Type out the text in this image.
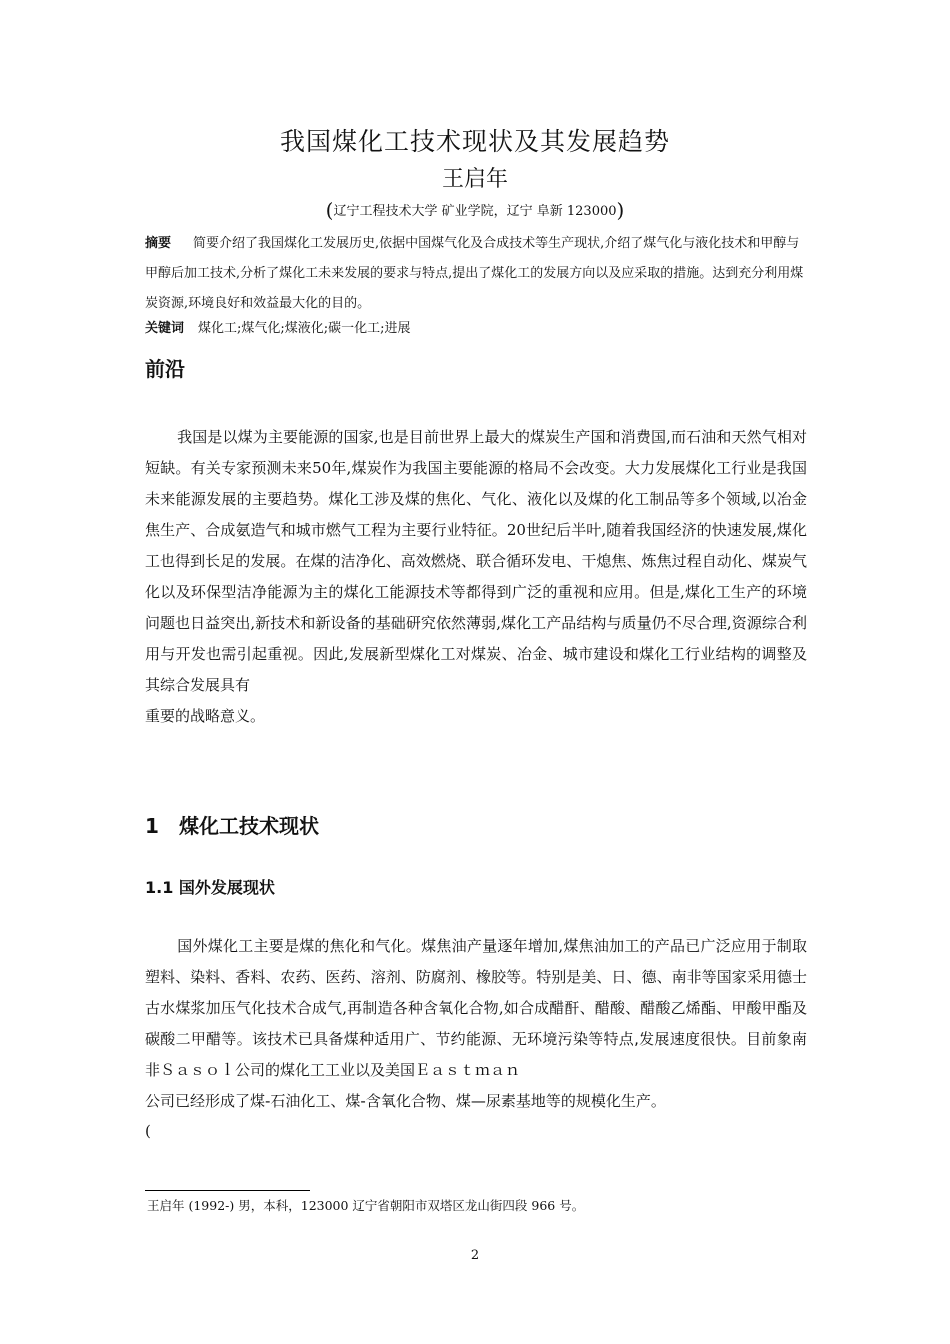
我国煤化工技术现状及其发展趋势
王启年
(辽宁工程技术大学 矿业学院，辽宁 阜新 123000)

摘要 简要介绍了我国煤化工发展历史,依据中国煤气化及合成技术等生产现状,介绍了煤气化与液化技术和甲醇与甲醇后加工技术,分析了煤化工未来发展的要求与特点,提出了煤化工的发展方向以及应采取的措施。达到充分利用煤炭资源,环境良好和效益最大化的目的。

关键词 煤化工;煤气化;煤液化;碳一化工;进展

前沿

我国是以煤为主要能源的国家,也是目前世界上最大的煤炭生产国和消费国,而石油和天然气相对短缺。有关专家预测未来50年,煤炭作为我国主要能源的格局不会改变。大力发展煤化工行业是我国未来能源发展的主要趋势。煤化工涉及煤的焦化、气化、液化以及煤的化工制品等多个领域,以冶金焦生产、合成氨造气和城市燃气工程为主要行业特征。20世纪后半叶,随着我国经济的快速发展,煤化工也得到长足的发展。在煤的洁净化、高效燃烧、联合循环发电、干熄焦、炼焦过程自动化、煤炭气化以及环保型洁净能源为主的煤化工能源技术等都得到广泛的重视和应用。但是,煤化工生产的环境问题也日益突出,新技术和新设备的基础研究依然薄弱,煤化工产品结构与质量仍不尽合理,资源综合利用与开发也需引起重视。因此,发展新型煤化工对煤炭、冶金、城市建设和煤化工行业结构的调整及其综合发展具有
重要的战略意义。

1 煤化工技术现状
1.1 国外发展现状

国外煤化工主要是煤的焦化和气化。煤焦油产量逐年增加,煤焦油加工的产品已广泛应用于制取塑料、染料、香料、农药、医药、溶剂、防腐剂、橡胶等。特别是美、日、德、南非等国家采用德士古水煤浆加压气化技术合成气,再制造各种含氧化合物,如合成醋酐、醋酸、醋酸乙烯酯、甲酸甲酯及碳酸二甲醋等。该技术已具备煤种适用广、节约能源、无环境污染等特点,发展速度很快。目前象南非Ｓａｓｏｌ公司的煤化工工业以及美国Ｅａｓｔｍａｎ
公司已经形成了煤-石油化工、煤-含氧化合物、煤—尿素基地等的规模化生产。

(

王启年 (1992-) 男，本科，123000 辽宁省朝阳市双塔区龙山街四段 966 号。

2
